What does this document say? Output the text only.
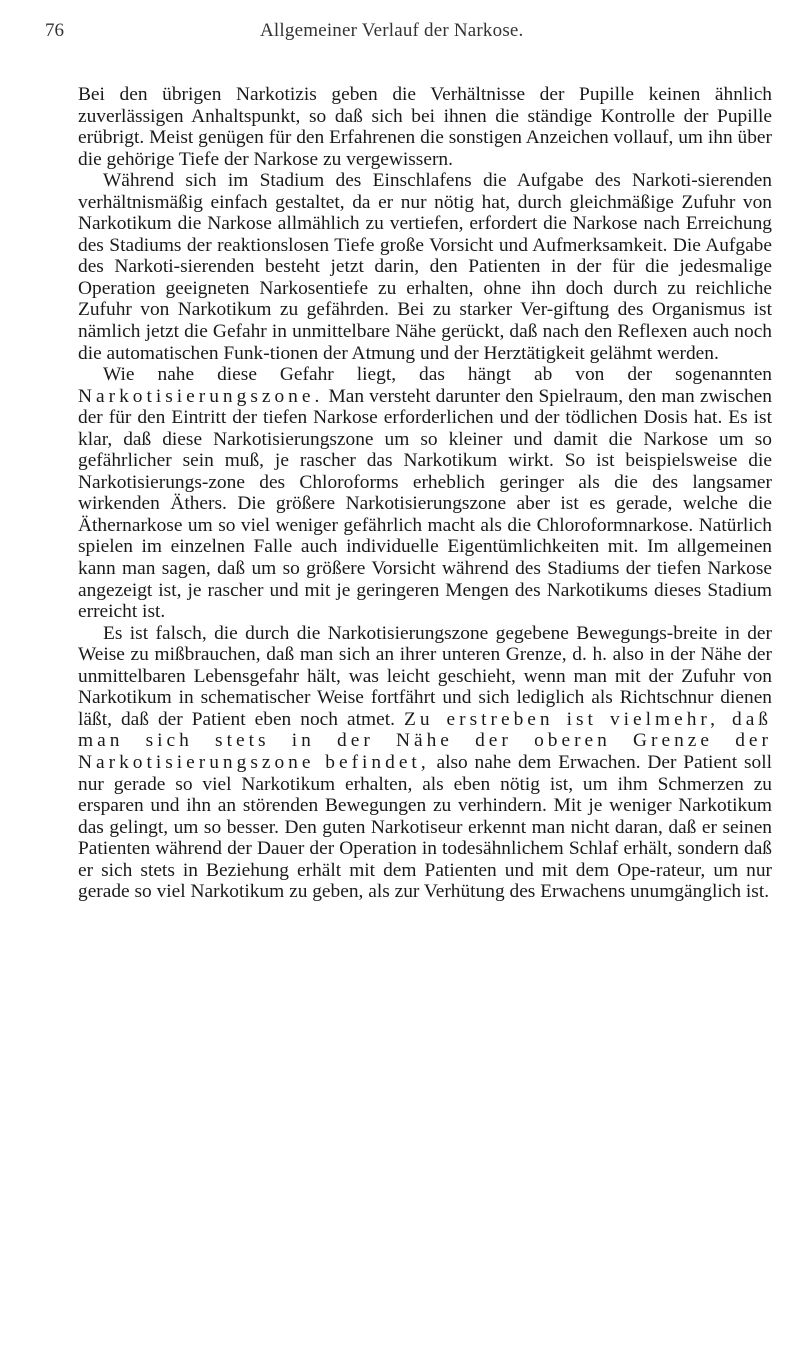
76	Allgemeiner Verlauf der Narkose.

Bei den übrigen Narkotizis geben die Verhältnisse der Pupille keinen ähnlich zuverlässigen Anhaltspunkt, so daß sich bei ihnen die ständige Kontrolle der Pupille erübrigt. Meist genügen für den Erfahrenen die sonstigen Anzeichen vollauf, um ihn über die gehörige Tiefe der Narkose zu vergewissern.

Während sich im Stadium des Einschlafens die Aufgabe des Narkoti-sierenden verhältnismäßig einfach gestaltet, da er nur nötig hat, durch gleichmäßige Zufuhr von Narkotikum die Narkose allmählich zu vertiefen, erfordert die Narkose nach Erreichung des Stadiums der reaktionslosen Tiefe große Vorsicht und Aufmerksamkeit. Die Aufgabe des Narkoti-sierenden besteht jetzt darin, den Patienten in der für die jedesmalige Operation geeigneten Narkosentiefe zu erhalten, ohne ihn doch durch zu reichliche Zufuhr von Narkotikum zu gefährden. Bei zu starker Ver-giftung des Organismus ist nämlich jetzt die Gefahr in unmittelbare Nähe gerückt, daß nach den Reflexen auch noch die automatischen Funk-tionen der Atmung und der Herztätigkeit gelähmt werden.

Wie nahe diese Gefahr liegt, das hängt ab von der sogenannten Narkotisierungszone. Man versteht darunter den Spielraum, den man zwischen der für den Eintritt der tiefen Narkose erforderlichen und der tödlichen Dosis hat. Es ist klar, daß diese Narkotisierungszone um so kleiner und damit die Narkose um so gefährlicher sein muß, je rascher das Narkotikum wirkt. So ist beispielsweise die Narkotisierungs-zone des Chloroforms erheblich geringer als die des langsamer wirkenden Äthers. Die größere Narkotisierungszone aber ist es gerade, welche die Äthernarkose um so viel weniger gefährlich macht als die Chloroformnarkose. Natürlich spielen im einzelnen Falle auch individuelle Eigentümlichkeiten mit. Im allgemeinen kann man sagen, daß um so größere Vorsicht während des Stadiums der tiefen Narkose angezeigt ist, je rascher und mit je geringeren Mengen des Narkotikums dieses Stadium erreicht ist.

Es ist falsch, die durch die Narkotisierungszone gegebene Bewegungs-breite in der Weise zu mißbrauchen, daß man sich an ihrer unteren Grenze, d. h. also in der Nähe der unmittelbaren Lebensgefahr hält, was leicht geschieht, wenn man mit der Zufuhr von Narkotikum in schematischer Weise fortfährt und sich lediglich als Richtschnur dienen läßt, daß der Patient eben noch atmet. Zu erstreben ist vielmehr, daß man sich stets in der Nähe der oberen Grenze der Narkotisierungszone befindet, also nahe dem Erwachen. Der Patient soll nur gerade so viel Narkotikum erhalten, als eben nötig ist, um ihm Schmerzen zu ersparen und ihn an störenden Bewegungen zu verhindern. Mit je weniger Narkotikum das gelingt, um so besser. Den guten Narkotiseur erkennt man nicht daran, daß er seinen Patienten während der Dauer der Operation in todesähnlichem Schlaf erhält, sondern daß er sich stets in Beziehung erhält mit dem Patienten und mit dem Ope-rateur, um nur gerade so viel Narkotikum zu geben, als zur Verhütung des Erwachens unumgänglich ist.
